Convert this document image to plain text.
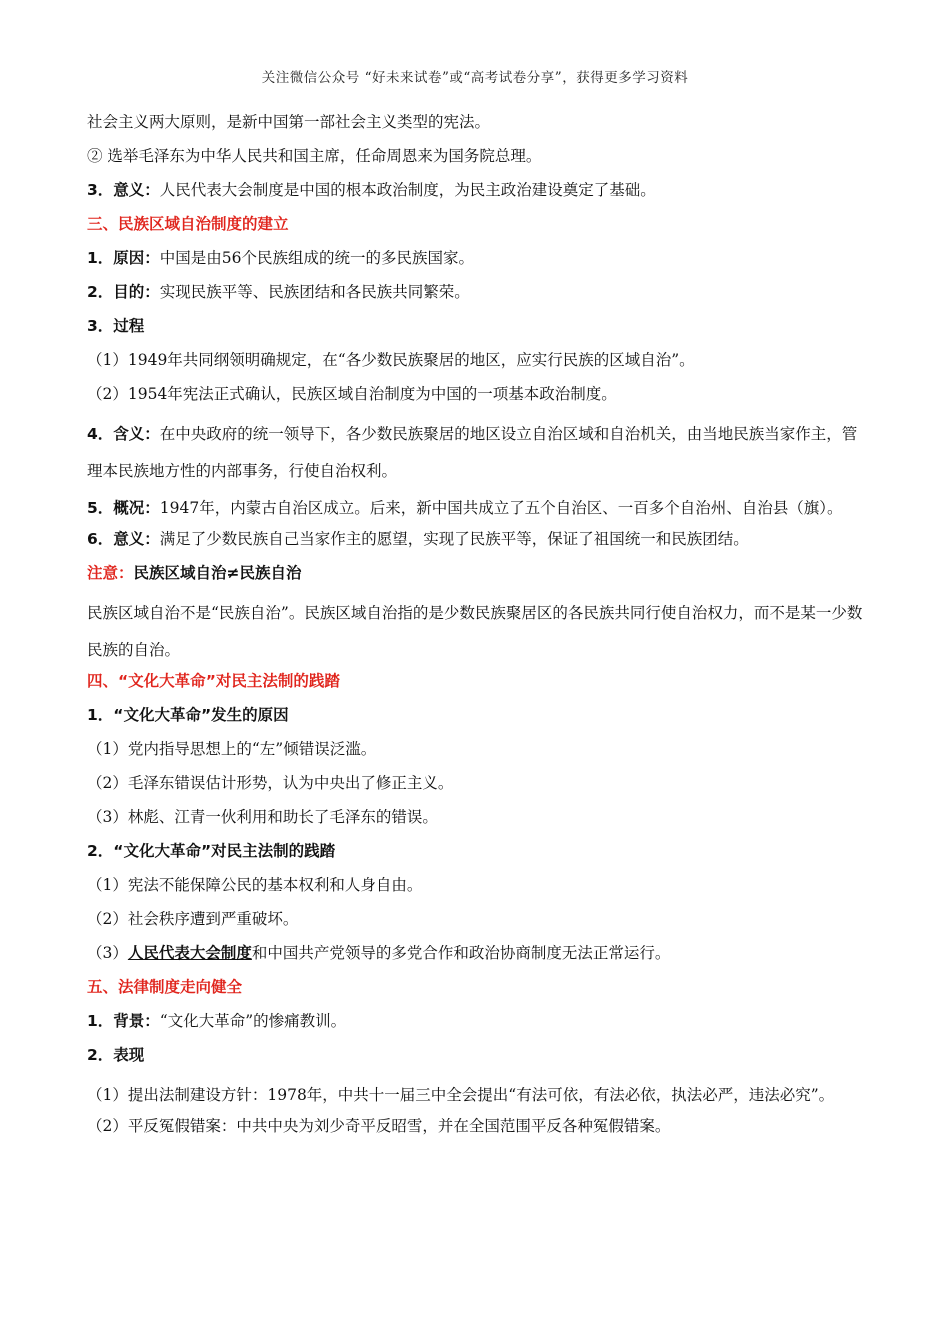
关注微信公众号 “好未来试卷”或“高考试卷分享”，获得更多学习资料

社会主义两大原则，是新中国第一部社会主义类型的宪法。

② 选举毛泽东为中华人民共和国主席，任命周恩来为国务院总理。

3．意义：人民代表大会制度是中国的根本政治制度，为民主政治建设奠定了基础。

三、民族区域自治制度的建立

1．原因：中国是由56个民族组成的统一的多民族国家。

2．目的：实现民族平等、民族团结和各民族共同繁荣。

3．过程

（1）1949年共同纲领明确规定，在“各少数民族聚居的地区，应实行民族的区域自治”。

（2）1954年宪法正式确认，民族区域自治制度为中国的一项基本政治制度。

4．含义：在中央政府的统一领导下，各少数民族聚居的地区设立自治区域和自治机关，由当地民族当家作主，管理本民族地方性的内部事务，行使自治权利。

5．概况：1947年，内蒙古自治区成立。后来，新中国共成立了五个自治区、一百多个自治州、自治县（旗）。

6．意义：满足了少数民族自己当家作主的愿望，实现了民族平等，保证了祖国统一和民族团结。

注意：民族区域自治≠民族自治

民族区域自治不是“民族自治”。民族区域自治指的是少数民族聚居区的各民族共同行使自治权力，而不是某一少数民族的自治。

四、“文化大革命”对民主法制的践踏

1．“文化大革命”发生的原因

（1）党内指导思想上的“左”倾错误泛滥。

（2）毛泽东错误估计形势，认为中央出了修正主义。

（3）林彪、江青一伙利用和助长了毛泽东的错误。

2．“文化大革命”对民主法制的践踏

（1）宪法不能保障公民的基本权利和人身自由。

（2）社会秩序遭到严重破坏。

（3）人民代表大会制度和中国共产党领导的多党合作和政治协商制度无法正常运行。

五、法律制度走向健全

1．背景：“文化大革命”的惨痛教训。

2．表现

（1）提出法制建设方针：1978年，中共十一届三中全会提出“有法可依，有法必依，执法必严，违法必究”。

（2）平反冤假错案：中共中央为刘少奇平反昭雪，并在全国范围平反各种冤假错案。
